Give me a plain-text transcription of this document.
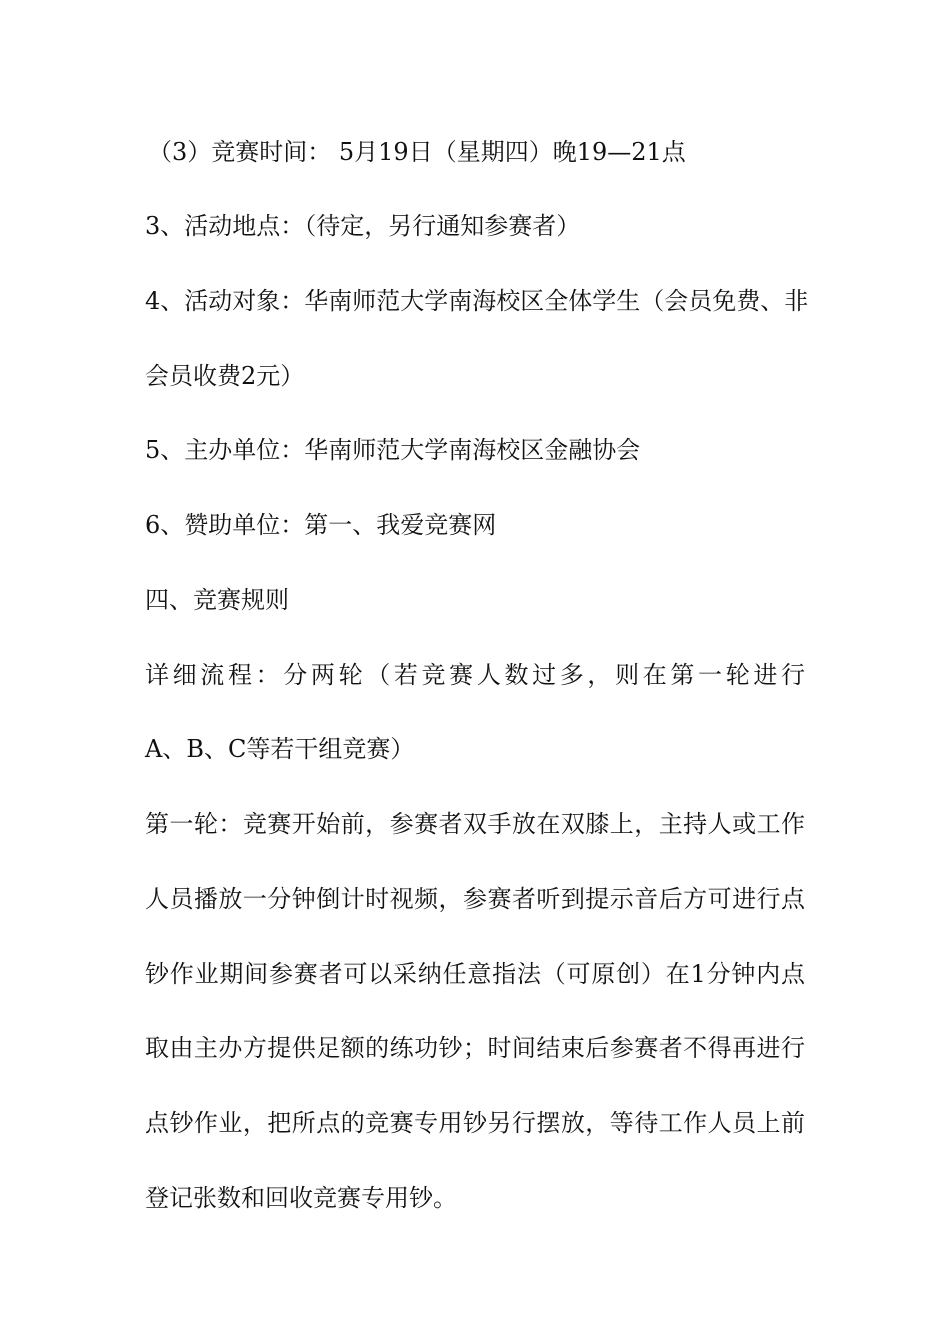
（3）竞赛时间： 5月19日（星期四）晚19—21点
3、活动地点：（待定，另行通知参赛者）
4、活动对象：华南师范大学南海校区全体学生（会员免费、非
会员收费2元）
5、主办单位：华南师范大学南海校区金融协会
6、赞助单位：第一、我爱竞赛网
四、竞赛规则
详细流程：分两轮（若竞赛人数过多，则在第一轮进行
A、B、C等若干组竞赛）
第一轮：竞赛开始前，参赛者双手放在双膝上，主持人或工作
人员播放一分钟倒计时视频，参赛者听到提示音后方可进行点
钞作业期间参赛者可以采纳任意指法（可原创）在1分钟内点
取由主办方提供足额的练功钞；时间结束后参赛者不得再进行
点钞作业，把所点的竞赛专用钞另行摆放，等待工作人员上前
登记张数和回收竞赛专用钞。
